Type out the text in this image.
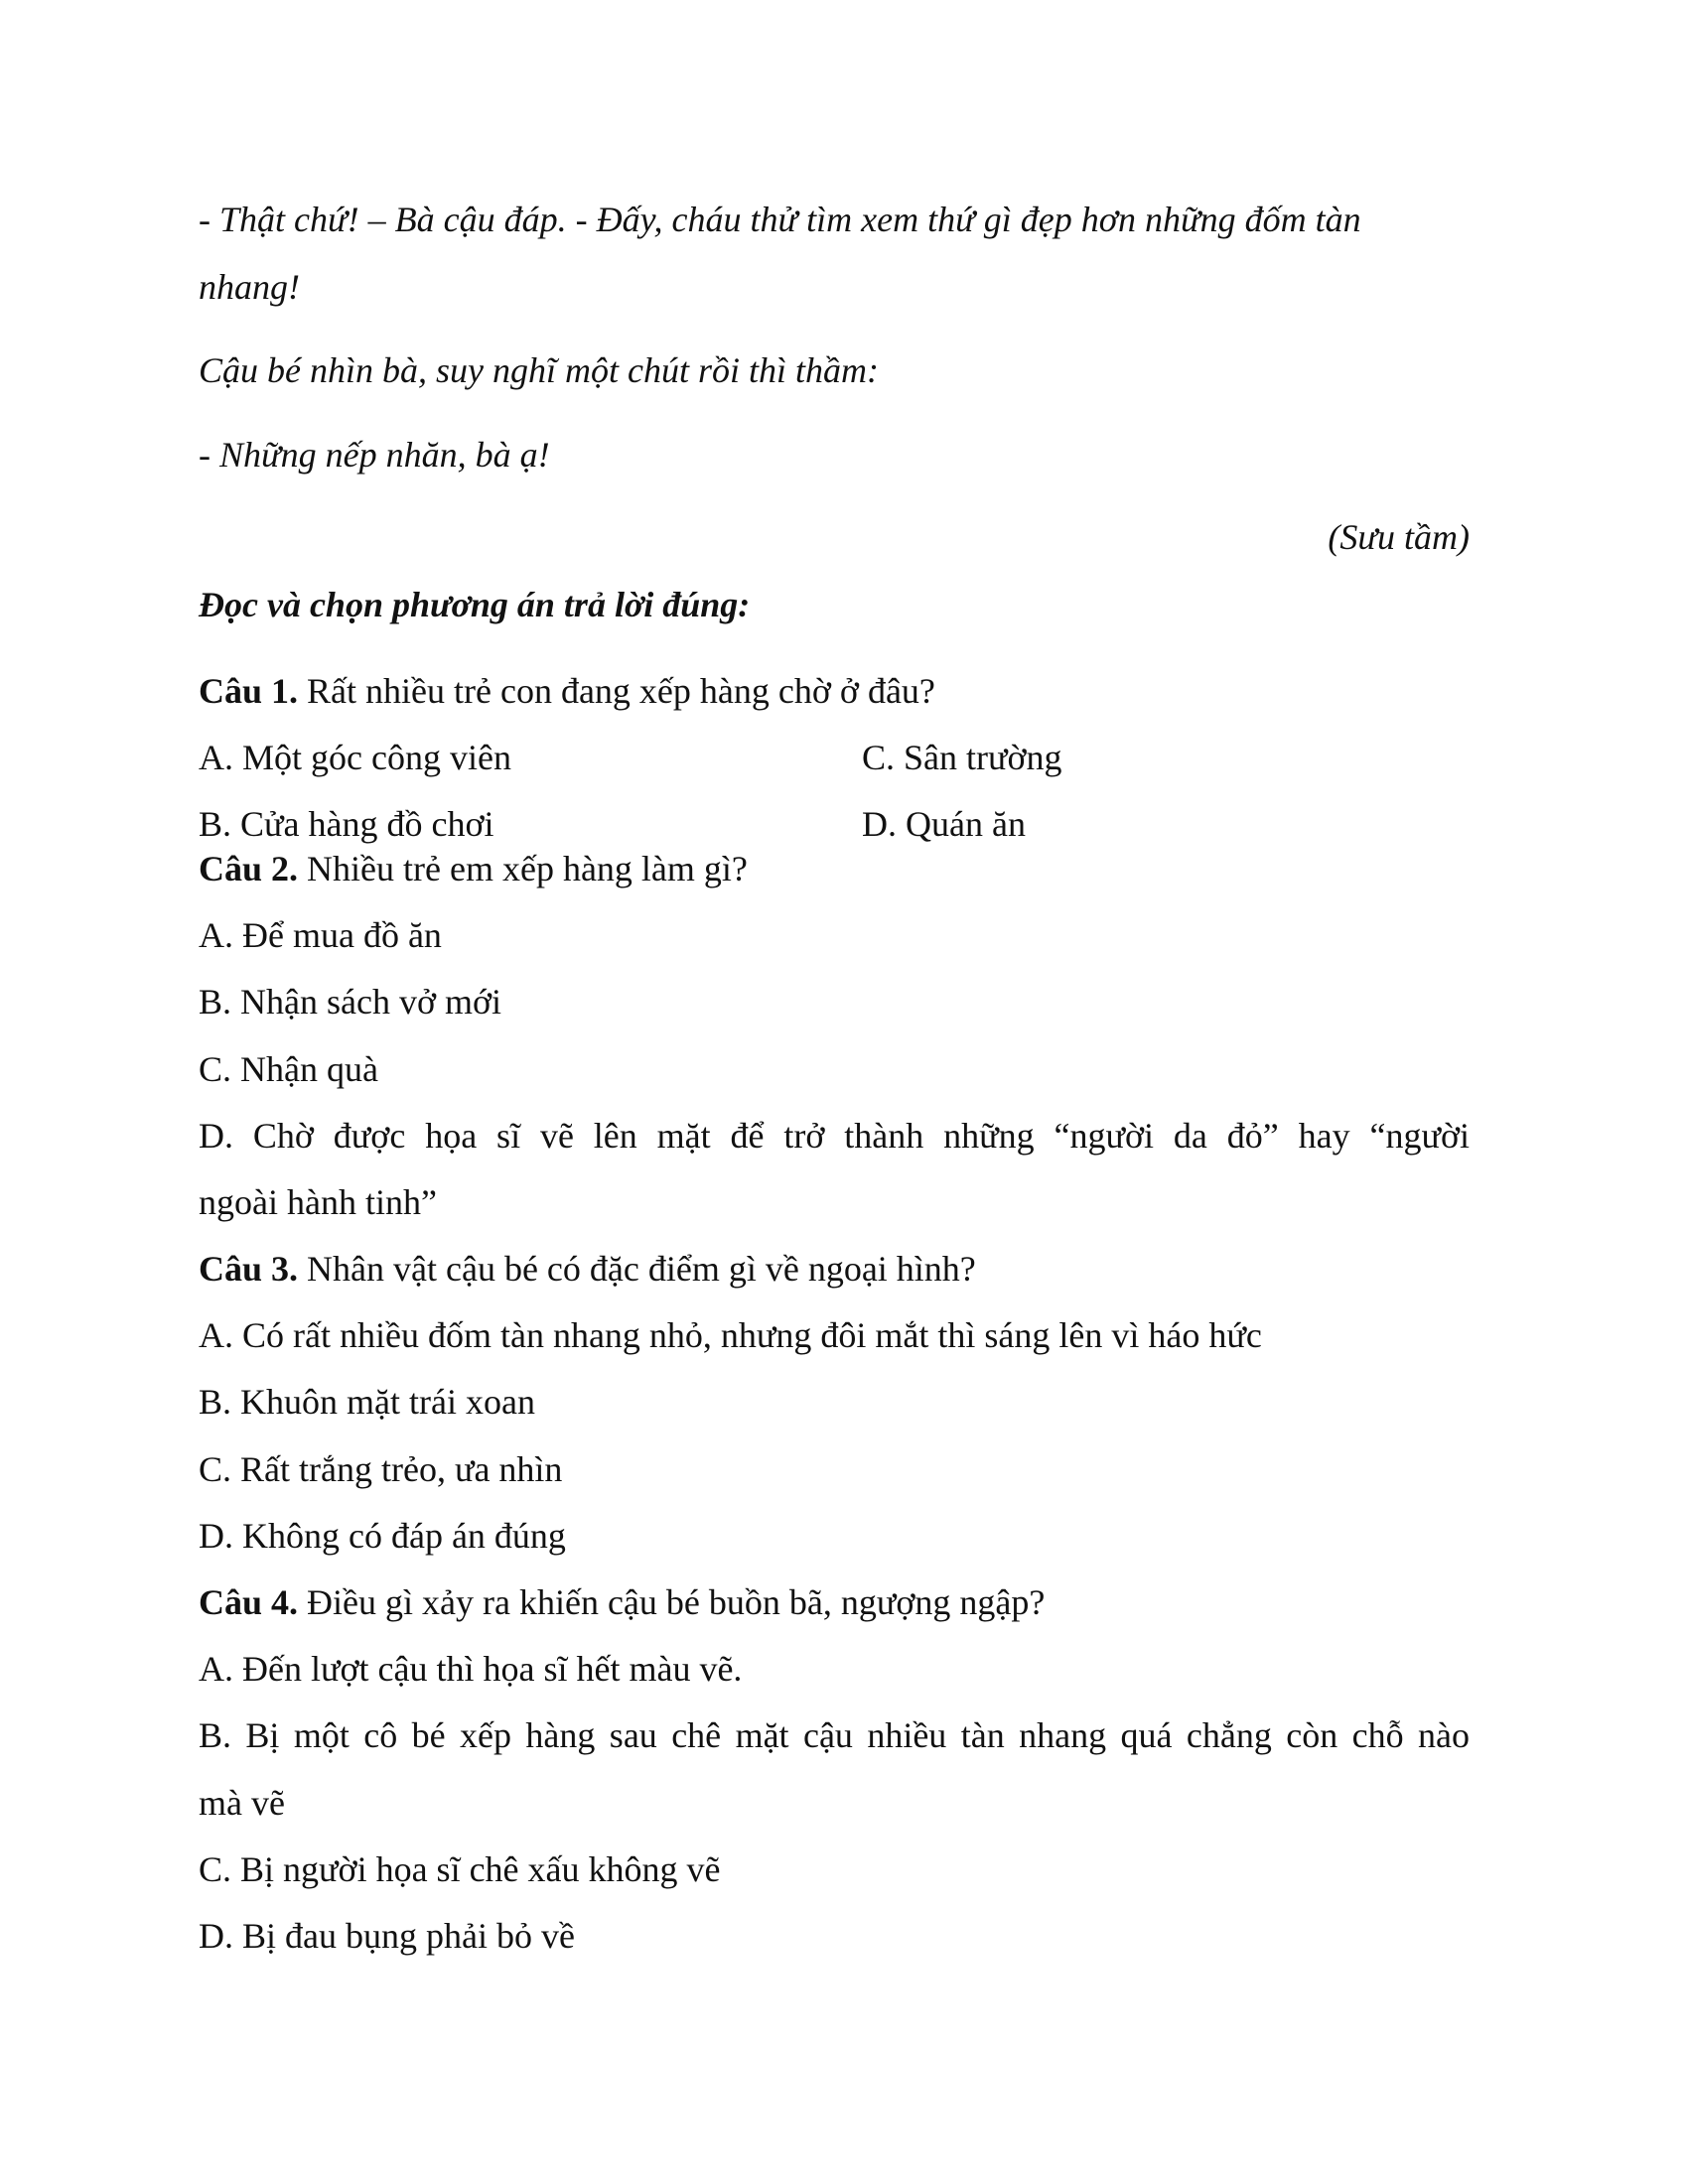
- Thật chứ! – Bà cậu đáp. - Đấy, cháu thử tìm xem thứ gì đẹp hơn những đốm tàn
nhang!
Cậu bé nhìn bà, suy nghĩ một chút rồi thì thầm:
- Những nếp nhăn, bà ạ!
(Sưu tầm)
Đọc và chọn phương án trả lời đúng:
Câu 1. Rất nhiều trẻ con đang xếp hàng chờ ở đâu?
A. Một góc công viên	C. Sân trường
B. Cửa hàng đồ chơi	D. Quán ăn
Câu 2. Nhiều trẻ em xếp hàng làm gì?
A. Để mua đồ ăn
B. Nhận sách vở mới
C. Nhận quà
D. Chờ được họa sĩ vẽ lên mặt để trở thành những “người da đỏ” hay “người
ngoài hành tinh”
Câu 3. Nhân vật cậu bé có đặc điểm gì về ngoại hình?
A. Có rất nhiều đốm tàn nhang nhỏ, nhưng đôi mắt thì sáng lên vì háo hức
B. Khuôn mặt trái xoan
C. Rất trắng trẻo, ưa nhìn
D. Không có đáp án đúng
Câu 4. Điều gì xảy ra khiến cậu bé buồn bã, ngượng ngập?
A. Đến lượt cậu thì họa sĩ hết màu vẽ.
B. Bị một cô bé xếp hàng sau chê mặt cậu nhiều tàn nhang quá chẳng còn chỗ nào
mà vẽ
C. Bị người họa sĩ chê xấu không vẽ
D. Bị đau bụng phải bỏ về
